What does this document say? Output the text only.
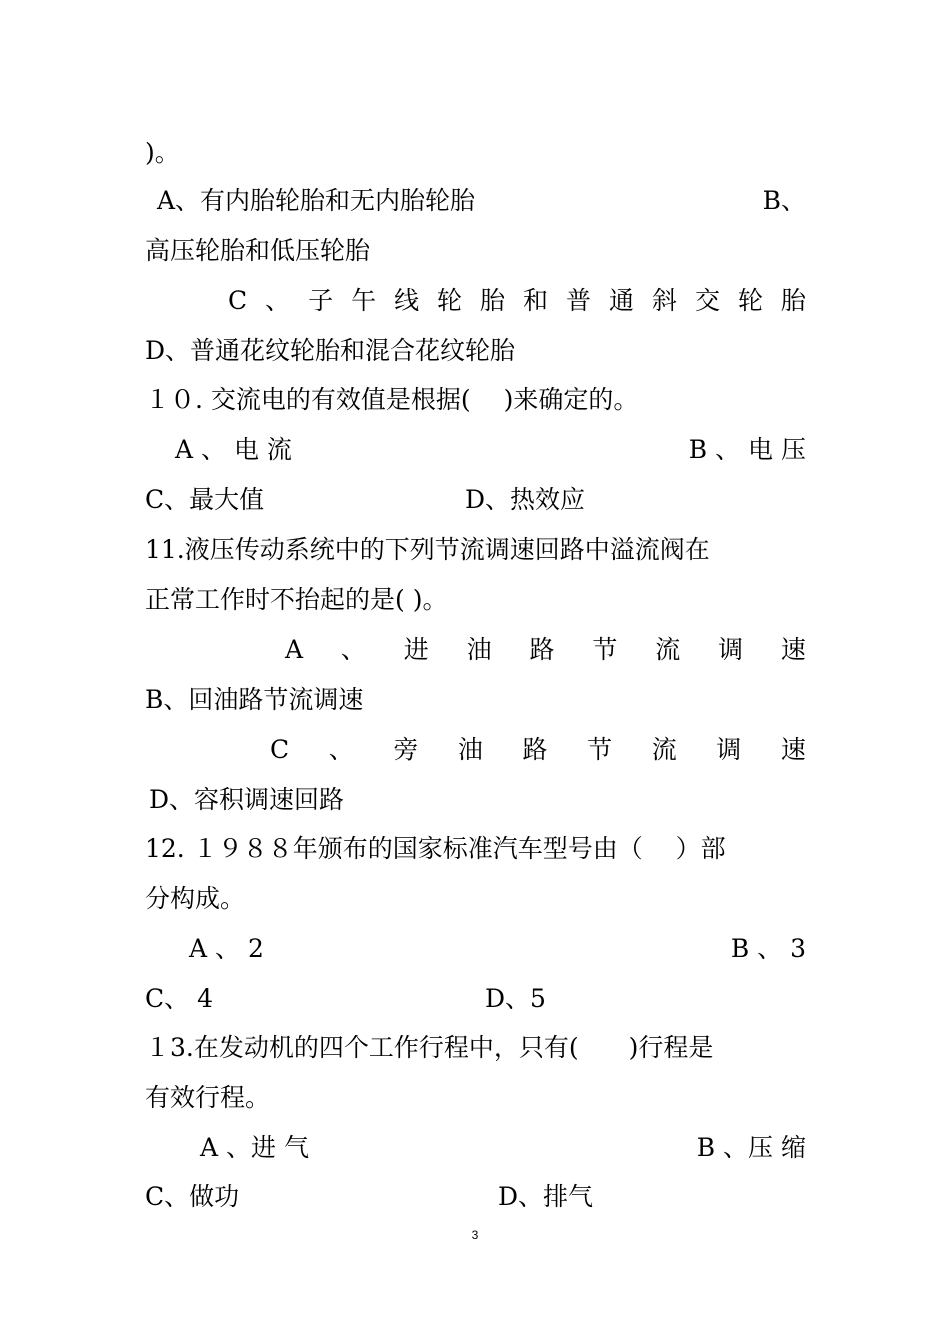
)。
A、有内胎轮胎和无内胎轮胎	B、
高压轮胎和低压轮胎
C 、 子 午 线 轮 胎 和 普 通 斜 交 轮 胎
D、普通花纹轮胎和混合花纹轮胎
１０. 交流电的有效值是根据(　 )来确定的。
A 、 电 流	B 、 电 压
C、最大值	D、热效应
11.液压传动系统中的下列节流调速回路中溢流阀在
正常工作时不抬起的是( )。
A 、 进 油 路 节 流 调 速
B、回油路节流调速
C 、 旁 油 路 节 流 调 速
D、容积调速回路
12. １９８８年颁布的国家标准汽车型号由（　 ）部
分构成。
A 、 2	B 、 3
C、 4	D、5
１3.在发动机的四个工作行程中，只有(　　)行程是
有效行程。
A 、进 气	B 、压 缩
C、做功	D、排气
3
